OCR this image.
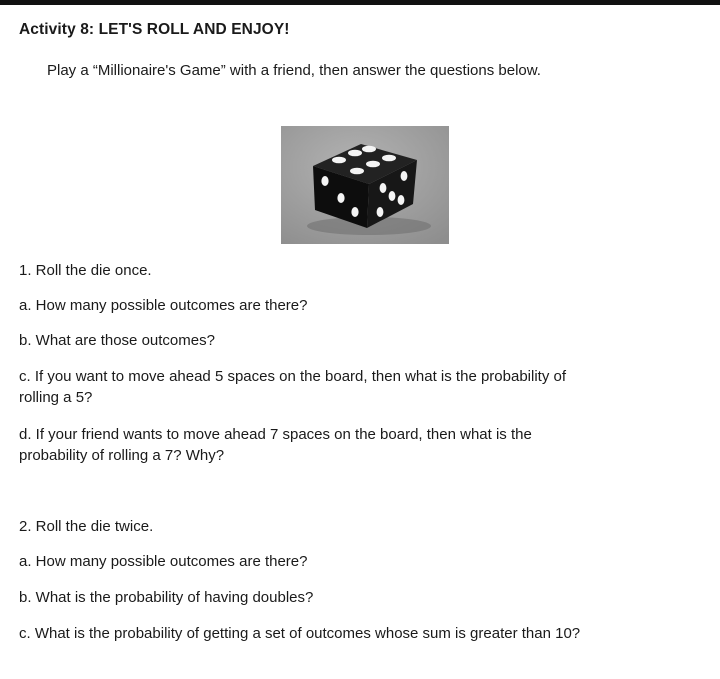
Activity 8: LET'S ROLL AND ENJOY!
Play a “Millionaire's Game” with a friend, then answer the questions below.
1. Roll the die once.
a. How many possible outcomes are there?
b. What are those outcomes?
c. If you want to move ahead 5 spaces on the board, then what is the probability of
rolling a 5?
d. If your friend wants to move ahead 7 spaces on the board, then what is the
probability of rolling a 7? Why?
2. Roll the die twice.
a. How many possible outcomes are there?
b. What is the probability of having doubles?
c. What is the probability of getting a set of outcomes whose sum is greater than 10?
